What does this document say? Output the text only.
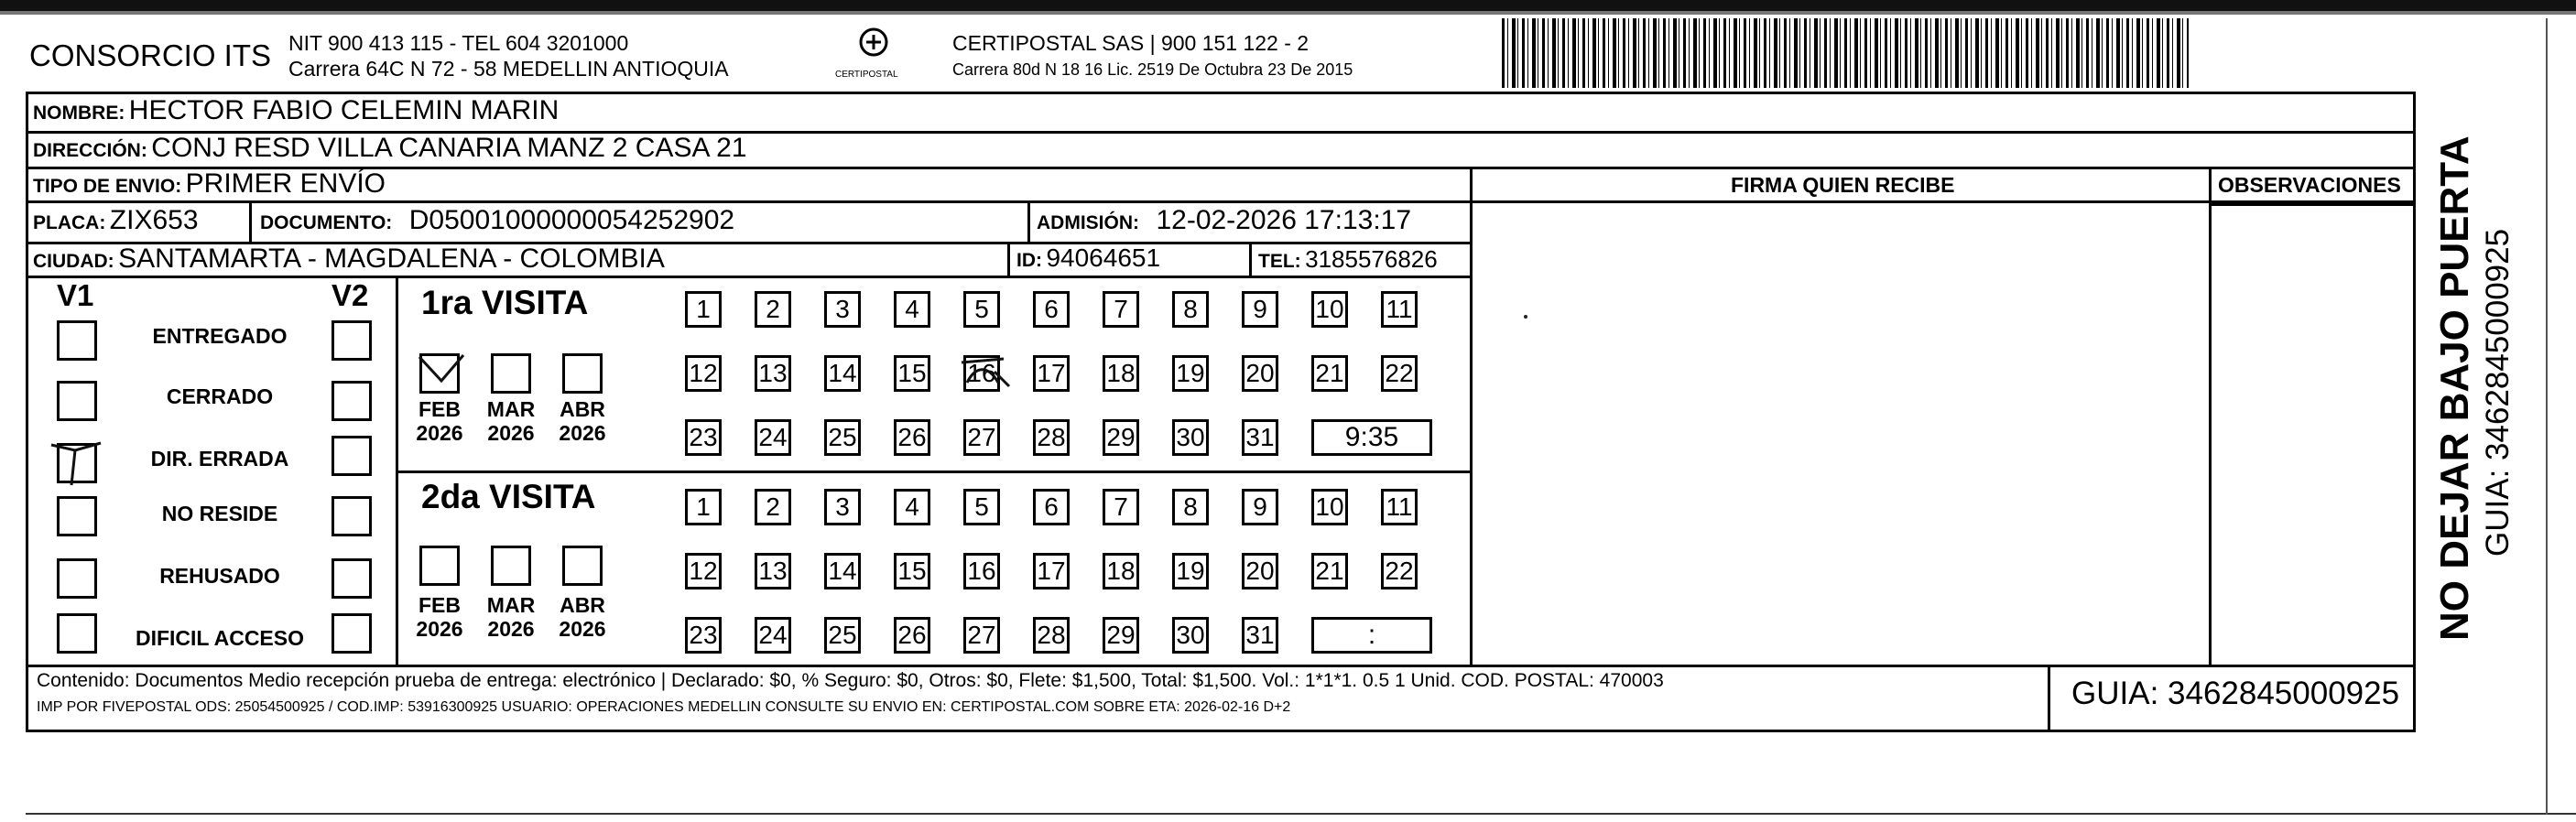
CONSORCIO ITS NIT 900 413 115 - TEL 604 3201000
Carrera 64C N 72 - 58 MEDELLIN ANTIOQUIA	CERTIPOSTAL
CERTIPOSTAL SAS | 900 151 122 - 2
Carrera 80d N 18 16 Lic. 2519 De Octubra 23 De 2015
NOMBRE: HECTOR FABIO CELEMIN MARIN
DIRECCIÓN: CONJ RESD VILLA CANARIA MANZ 2 CASA 21
TIPO DE ENVIO: PRIMER ENVÍO	FIRMA QUIEN RECIBE	OBSERVACIONES
PLACA: ZIX653	DOCUMENTO: D05001000000054252902	ADMISIÓN: 12-02-2026 17:13:17
CIUDAD: SANTAMARTA - MAGDALENA - COLOMBIA	ID: 94064651	TEL: 3185576826
V1	V2
ENTREGADO
CERRADO
DIR. ERRADA
NO RESIDE
REHUSADO
DIFICIL ACCESO
1ra VISITA
FEB
2026
MAR
2026
ABR
2026
1	2	3	4	5	6	7	8	9	10 11
12 13 14 15 16 17 18 19 20 21 22
23 24 25 26 27 28 29 30 31	9:35
2da VISITA
FEB
2026
MAR
2026
ABR
2026
1	2	3	4	5	6	7	8	9	10 11
12 13 14 15 16 17 18 19 20 21 22
23 24 25 26 27 28 29 30 31	:
Contenido: Documentos Medio recepción prueba de entrega: electrónico | Declarado: $0, % Seguro: $0, Otros: $0, Flete: $1,500, Total: $1,500. Vol.: 1*1*1. 0.5 1 Unid. COD. POSTAL: 470003
IMP POR FIVEPOSTAL ODS: 25054500925 / COD.IMP: 53916300925 USUARIO: OPERACIONES MEDELLIN CONSULTE SU ENVIO EN: CERTIPOSTAL.COM SOBRE ETA: 2026-02-16 D+2	GUIA: 3462845000925
NO DEJAR BAJO PUERTA GUIA: 3462845000925
